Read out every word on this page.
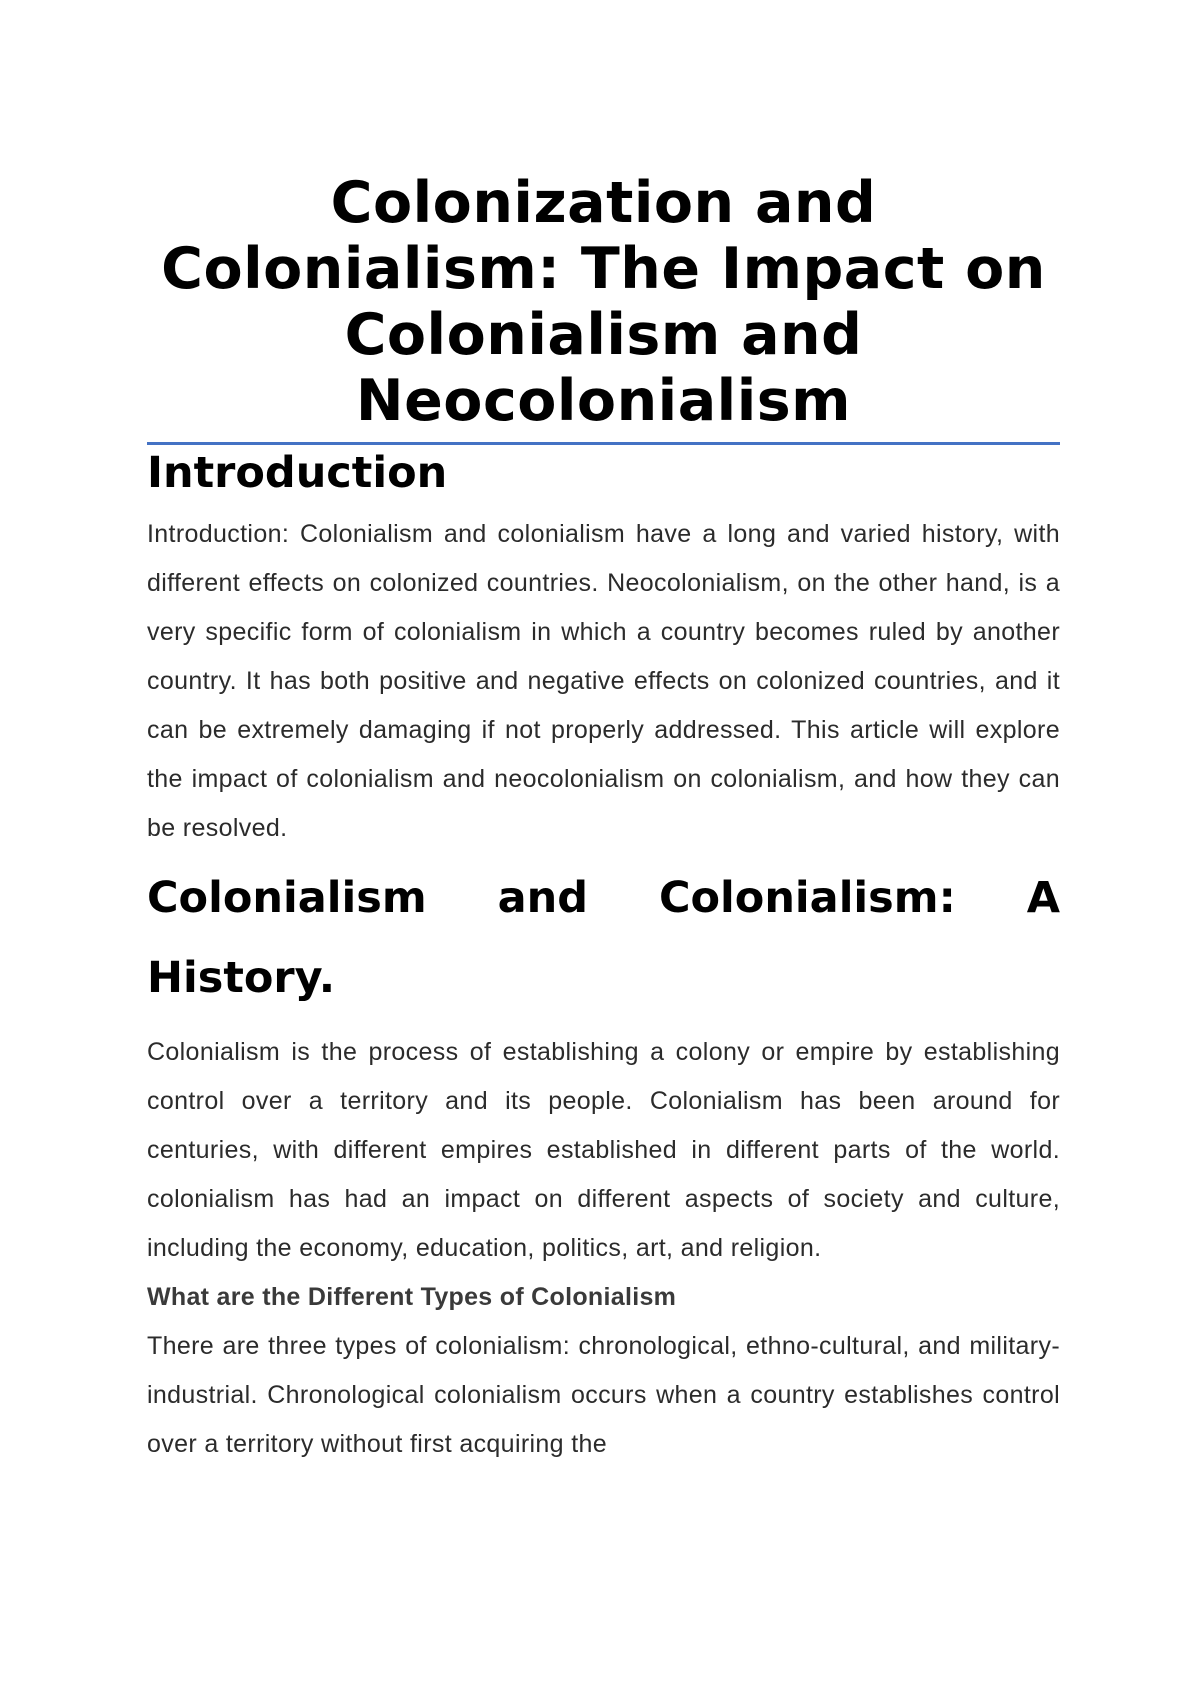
Colonization and Colonialism: The Impact on Colonialism and Neocolonialism
Introduction

Introduction: Colonialism and colonialism have a long and varied history, with different effects on colonized countries. Neocolonialism, on the other hand, is a very specific form of colonialism in which a country becomes ruled by another country. It has both positive and negative effects on colonized countries, and it can be extremely damaging if not properly addressed. This article will explore the impact of colonialism and neocolonialism on colonialism, and how they can be resolved.

Colonialism and Colonialism: A History.

Colonialism is the process of establishing a colony or empire by establishing control over a territory and its people. Colonialism has been around for centuries, with different empires established in different parts of the world. colonialism has had an impact on different aspects of society and culture, including the economy, education, politics, art, and religion.

What are the Different Types of Colonialism

There are three types of colonialism: chronological, ethno-cultural, and military-industrial. Chronological colonialism occurs when a country establishes control over a territory without first acquiring the
